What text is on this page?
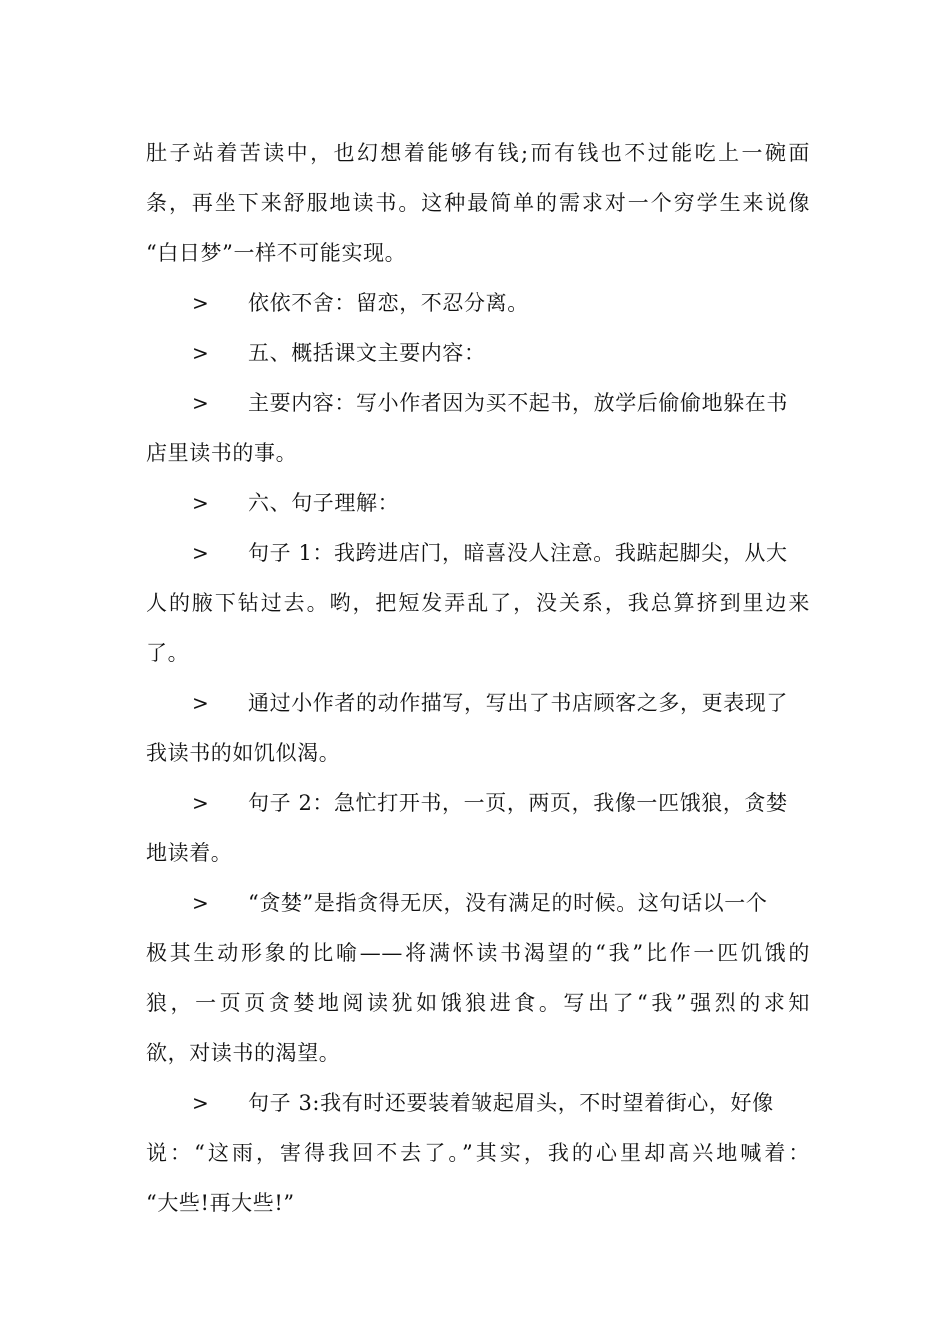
肚子站着苦读中，也幻想着能够有钱;而有钱也不过能吃上一碗面
条，再坐下来舒服地读书。这种最简单的需求对一个穷学生来说像
“白日梦”一样不可能实现。
> 依依不舍：留恋，不忍分离。
> 五、概括课文主要内容：
> 主要内容：写小作者因为买不起书，放学后偷偷地躲在书
店里读书的事。
> 六、句子理解：
> 句子 1：我跨进店门，暗喜没人注意。我踮起脚尖，从大
人的腋下钻过去。哟，把短发弄乱了，没关系，我总算挤到里边来
了。
> 通过小作者的动作描写，写出了书店顾客之多，更表现了
我读书的如饥似渴。
> 句子 2：急忙打开书，一页，两页，我像一匹饿狼，贪婪
地读着。
> “贪婪”是指贪得无厌，没有满足的时候。这句话以一个
极其生动形象的比喻——将满怀读书渴望的“我”比作一匹饥饿的
狼，一页页贪婪地阅读犹如饿狼进食。写出了“我”强烈的求知
欲，对读书的渴望。
> 句子 3:我有时还要装着皱起眉头，不时望着街心，好像
说：“这雨，害得我回不去了。”其实，我的心里却高兴地喊着：
“大些!再大些!”
